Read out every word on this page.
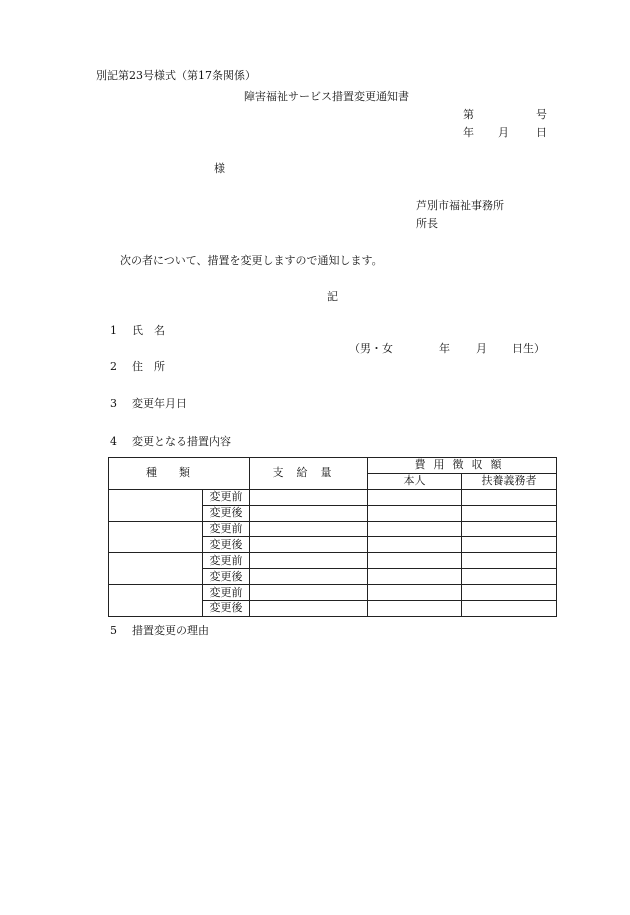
別記第23号様式（第17条関係）
障害福祉サービス措置変更通知書
第	号
年 月 日
様
芦別市福祉事務所
所長
次の者について、措置を変更しますので通知します。
記
1 氏　名
（男・女	年 月 日生）
2 住　所
3 変更年月日
4 変更となる措置内容
種類		支給量	費用徴収額	
			本人	扶養義務者
	変更前			
	変更後			
	変更前			
	変更後			
	変更前			
	変更後			
	変更前			
	変更後			
5 措置変更の理由
